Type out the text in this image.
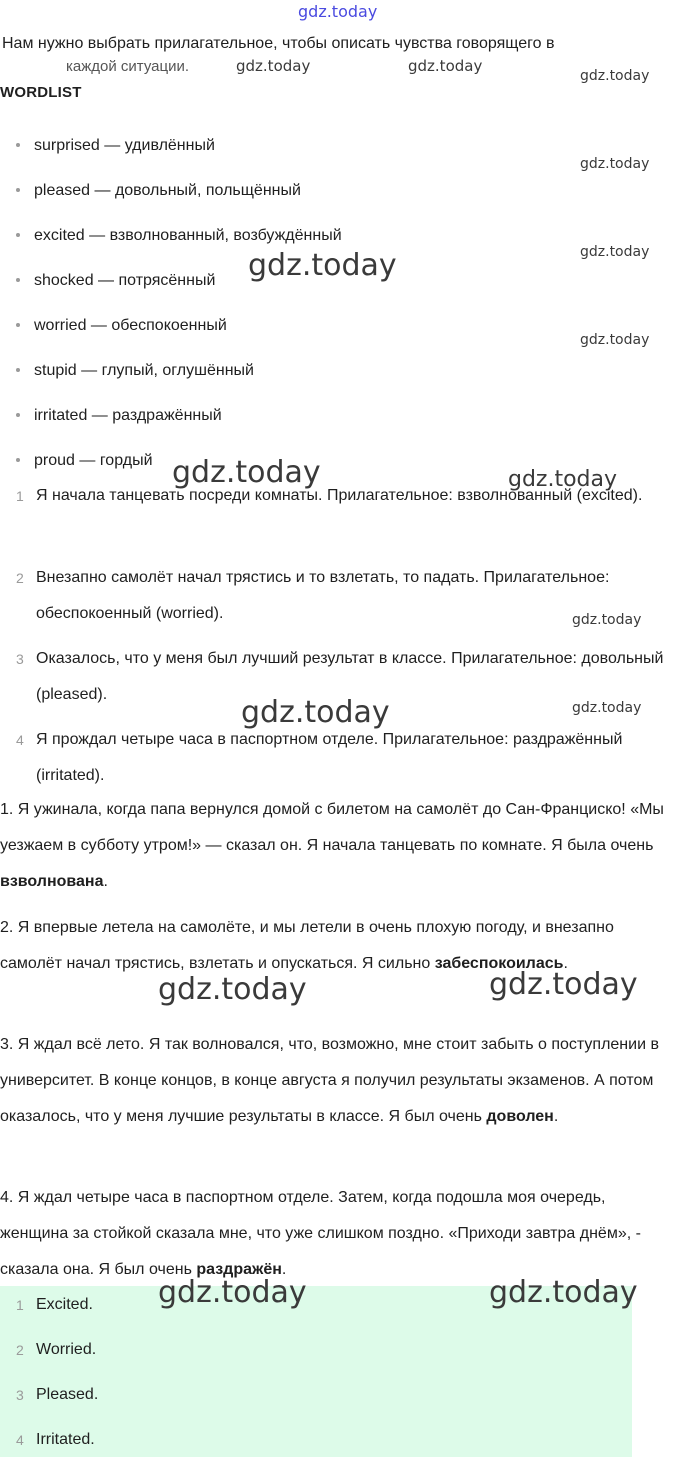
gdz.today
gdz.today	gdz.today
gdz.today
gdz.today
gdz.today
gdz.today
gdz.today
gdz.today	gdz.today
gdz.today
gdz.today
gdz.today
gdz.today	gdz.today

Нам нужно выбрать прилагательное, чтобы описать чувства говорящего в

каждой ситуации.

WORDLIST
surprised — удивлённый
pleased — довольный, польщённый
excited — взволнованный, возбуждённый
shocked — потрясённый
worried — обеспокоенный
stupid — глупый, оглушённый
irritated — раздражённый
proud — гордый
1 Я начала танцевать посреди комнаты. Прилагательное: взволнованный (excited).
2 Внезапно самолёт начал трястись и то взлетать, то падать. Прилагательное: обеспокоенный (worried).
3 Оказалось, что у меня был лучший результат в классе. Прилагательное: довольный (pleased).
4 Я прождал четыре часа в паспортном отделе. Прилагательное: раздражённый (irritated).
1. Я ужинала, когда папа вернулся домой с билетом на самолёт до Сан-Франциско! «Мы уезжаем в субботу утром!» — сказал он. Я начала танцевать по комнате. Я была очень взволнована.
2. Я впервые летела на самолёте, и мы летели в очень плохую погоду, и внезапно самолёт начал трястись, взлетать и опускаться. Я сильно забеспокоилась.
3. Я ждал всё лето. Я так волновался, что, возможно, мне стоит забыть о поступлении в университет. В конце концов, в конце августа я получил результаты экзаменов. А потом оказалось, что у меня лучшие результаты в классе. Я был очень доволен.
4. Я ждал четыре часа в паспортном отделе. Затем, когда подошла моя очередь, женщина за стойкой сказала мне, что уже слишком поздно. «Приходи завтра днём», - сказала она. Я был очень раздражён.
1 Excited.
2 Worried.
3 Pleased.
4 Irritated.
gdz.today	gdz.today
